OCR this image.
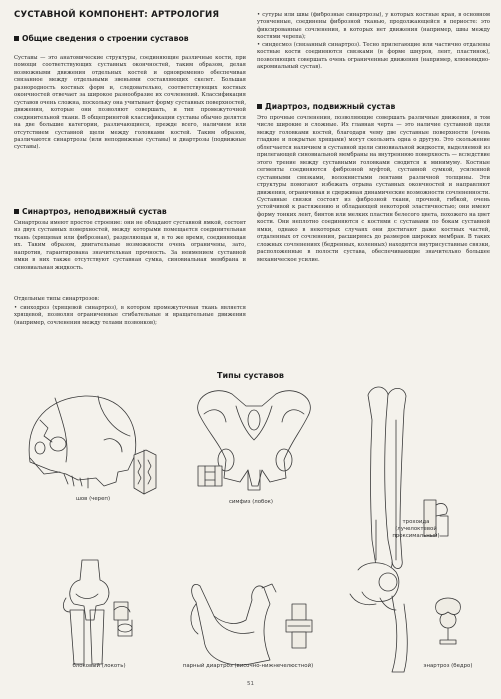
СУСТАВНОЙ КОМПОНЕНТ: АРТРОЛОГИЯ
Общие сведения о строении суставов
Суставы — это анатомические структуры, соединяющие различные кости, при помощи соответствующих суставных окончностей, таким образом, делая возможными движения отдельных костей и одновременно обеспечивая связанное между отдельными звеньями составляющих скелет. Большая разнородность костных форм и, следовательно, соответствующих костных окончностей отвечает за широкое разнообразие их сочленений. Классификация суставов очень сложна, поскольку она учитывает форму суставных поверхностей, движения, которые они позволяют совершать, и тип промежуточной соединительной ткани. В общепринятой классификации суставы обычно делятся на две большие категории, различающиеся, прежде всего, наличием или отсутствием суставной щели между головками костей. Таким образом, различаются синартрозы (или неподвижные суставы) и диартрозы (подвижные суставы).
Синартроз, неподвижный сустав
Синартрозы имеют простое строение: они не обладают суставной ямкой, состоят из двух суставных поверхностей, между которыми помещается соединительная ткань (хрящевая или фиброзная), разделяющая и, в то же время, соединяющая их. Таким образом, двигательные возможности очень ограничены, зато, напротив, гарантирована значительная прочность. За неимением суставной ямки в них также отсутствуют суставная сумка, синовиальная мембрана и синовиальная жидкость.
Отдельные типы синартрозов:
• синходроз (хрящевой синартроз), в котором промежуточная ткань является хрящевой, позволяя ограниченные сгибательные и вращательные движения (например, сочленения между телами позвонков);
• сутуры или швы (фиброзные синартрозы), у которых костные края, в основном утонченные, соединены фиброзной тканью, продолжающейся в периосте: это фиксированные сочленения, в которых нет движения (например, швы между костями черепа);
• синдесмоз (связанный синартроз). Тесно прилегающие или частично отдалены костные кости соединяются связками (в форме шнуров, лент, пластинок), позволяющих совершать очень ограниченные движения (например, клювовидно-акромиальный сустав).
Диартроз, подвижный сустав
Это прочные сочленения, позволяющие совершать различные движения, в том числе широкие и сложные. Их главная черта — это наличие суставной щели между головками костей, благодаря чему две суставные поверхности (очень гладкие и покрытые хрящами) могут скользить одна о другую. Это скольжение облегчается наличием в суставной щели синовиальной жидкости, выделяемой из прилегающей синовиальной мембраны на внутреннюю поверхность — вследствие этого трение между суставными головками сводится к минимуму. Костные сегменты соединяются фиброзной муфтой, суставной сумкой, усиленной суставными связками, волокнистыми лентами различной толщины. Эти структуры помогают избежать отрыва суставных окончностей и направляют движения, ограничивая и сдерживая динамические возможности сочлененности. Суставные связки состоят из фиброзной ткани, прочной, гибкой, очень устойчивой к растяжению и обладающей некоторой эластичностью; они имеют форму тонких лент, бинтов или мелких пластин белесого цвета, похожего на цвет кости. Они неплотно соединяются с костями с суставами по бокам суставной ямки, однако в некоторых случаях они достигают даже костных частей, отдаленных от сочленения, расширяясь до размеров широких мембран. В таких сложных сочленениях (бедренных, коленных) находятся внутрисуставные связки, расположенные в полости сустава, обеспечивающие значительно большее механическое усилие.
Типы суставов
шов (череп)	симфиз (лобок)
трохоида
(лучелоктевой
проксимальный)
блоковый (локоть)	парный диартроз (височно-нижнечелюстной)	энартроз (бедро)
51
